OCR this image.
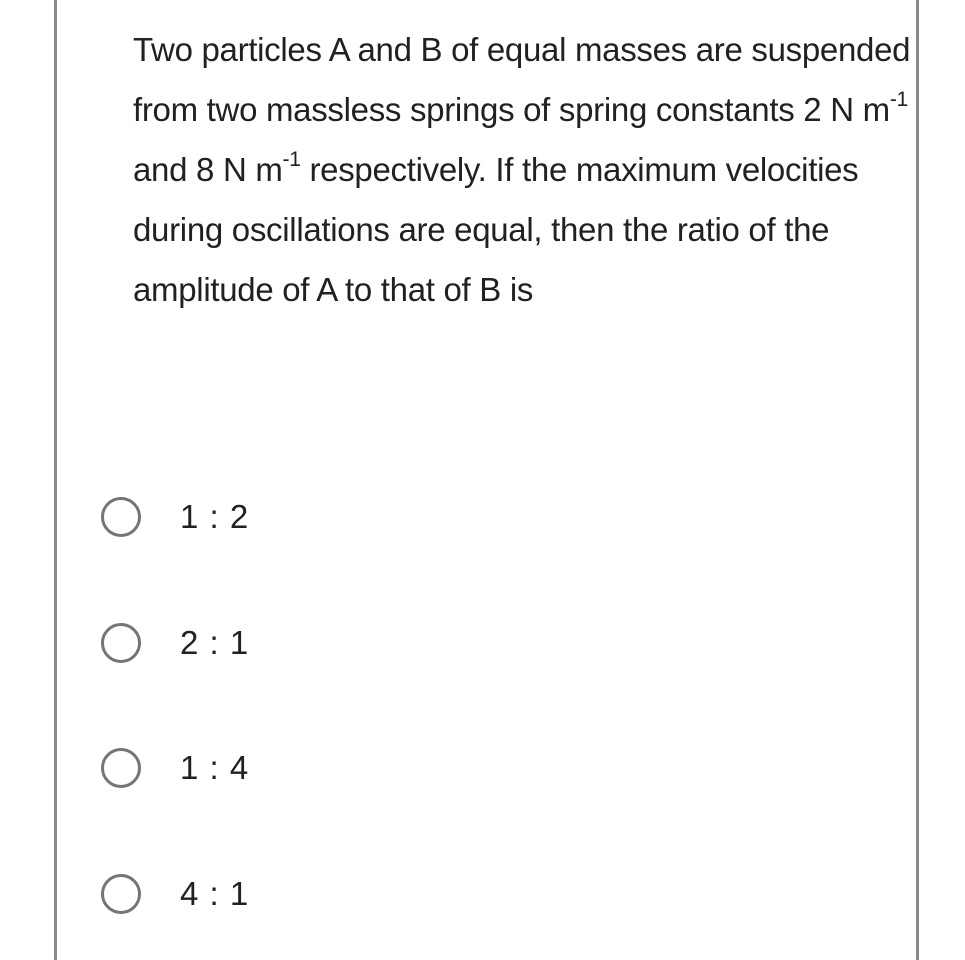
Two particles A and B of equal masses are suspended from two massless springs of spring constants 2 N $m^{-1}$ and 8 N $m^{-1}$ respectively. If the maximum velocities during oscillations are equal, then the ratio of the amplitude of A to that of B is
1 : 2
2 : 1
1 : 4
4 : 1
